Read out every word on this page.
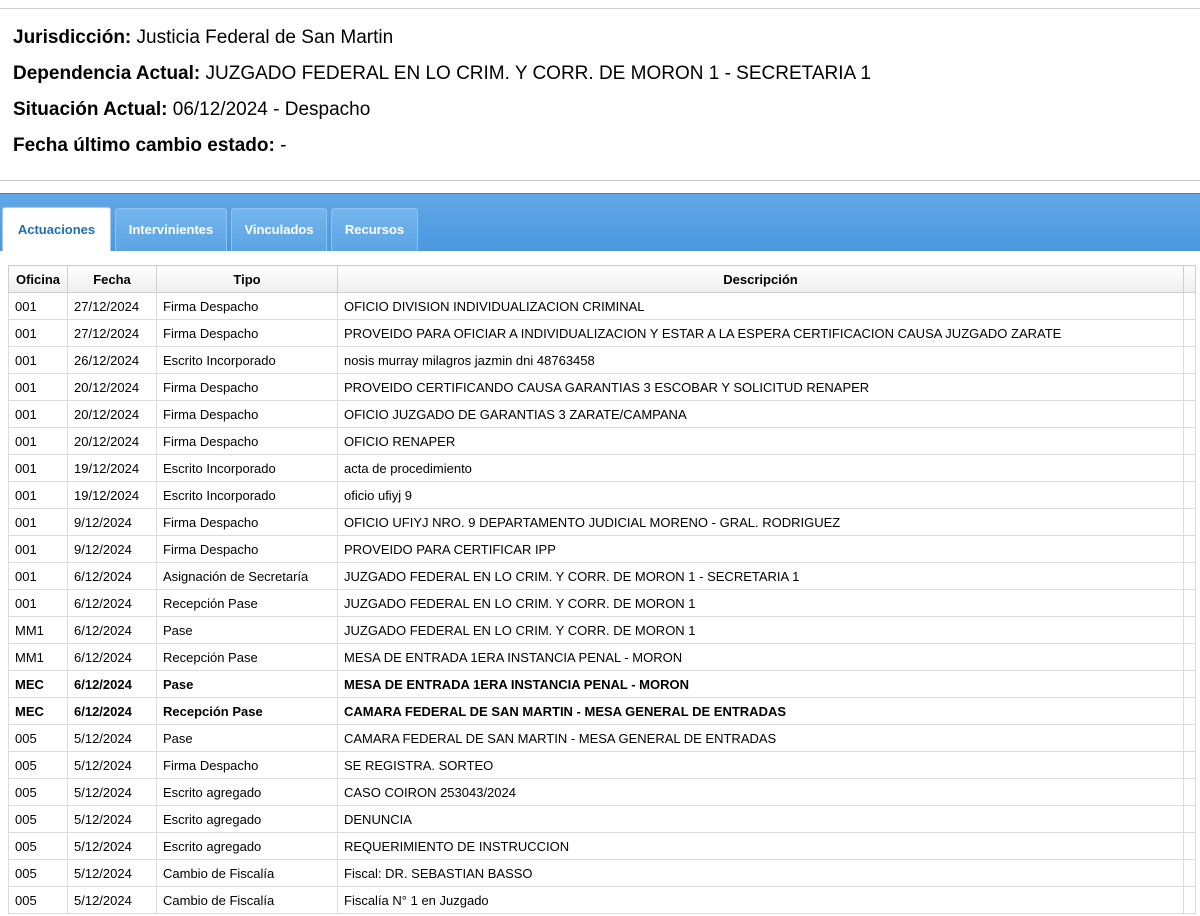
Jurisdicción: Justicia Federal de San Martin
Dependencia Actual: JUZGADO FEDERAL EN LO CRIM. Y CORR. DE MORON 1 - SECRETARIA 1
Situación Actual: 06/12/2024 - Despacho
Fecha último cambio estado: -
Actuaciones	Intervinientes	Vinculados	Recursos
Oficina	Fecha	Tipo	Descripción	
001	27/12/2024	Firma Despacho	OFICIO DIVISION INDIVIDUALIZACION CRIMINAL	
001	27/12/2024	Firma Despacho	PROVEIDO PARA OFICIAR A INDIVIDUALIZACION Y ESTAR A LA ESPERA CERTIFICACION CAUSA JUZGADO ZARATE	
001	26/12/2024	Escrito Incorporado	nosis murray milagros jazmin dni 48763458	
001	20/12/2024	Firma Despacho	PROVEIDO CERTIFICANDO CAUSA GARANTIAS 3 ESCOBAR Y SOLICITUD RENAPER	
001	20/12/2024	Firma Despacho	OFICIO JUZGADO DE GARANTIAS 3 ZARATE/CAMPANA	
001	20/12/2024	Firma Despacho	OFICIO RENAPER	
001	19/12/2024	Escrito Incorporado	acta de procedimiento	
001	19/12/2024	Escrito Incorporado	oficio ufiyj 9	
001	9/12/2024	Firma Despacho	OFICIO UFIYJ NRO. 9 DEPARTAMENTO JUDICIAL MORENO - GRAL. RODRIGUEZ	
001	9/12/2024	Firma Despacho	PROVEIDO PARA CERTIFICAR IPP	
001	6/12/2024	Asignación de Secretaría	JUZGADO FEDERAL EN LO CRIM. Y CORR. DE MORON 1 - SECRETARIA 1	
001	6/12/2024	Recepción Pase	JUZGADO FEDERAL EN LO CRIM. Y CORR. DE MORON 1	
MM1	6/12/2024	Pase	JUZGADO FEDERAL EN LO CRIM. Y CORR. DE MORON 1	
MM1	6/12/2024	Recepción Pase	MESA DE ENTRADA 1ERA INSTANCIA PENAL - MORON	
MEC	6/12/2024	Pase	MESA DE ENTRADA 1ERA INSTANCIA PENAL - MORON	
MEC	6/12/2024	Recepción Pase	CAMARA FEDERAL DE SAN MARTIN - MESA GENERAL DE ENTRADAS	
005	5/12/2024	Pase	CAMARA FEDERAL DE SAN MARTIN - MESA GENERAL DE ENTRADAS	
005	5/12/2024	Firma Despacho	SE REGISTRA. SORTEO	
005	5/12/2024	Escrito agregado	CASO COIRON 253043/2024	
005	5/12/2024	Escrito agregado	DENUNCIA	
005	5/12/2024	Escrito agregado	REQUERIMIENTO DE INSTRUCCION	
005	5/12/2024	Cambio de Fiscalía	Fiscal: DR. SEBASTIAN BASSO	
005	5/12/2024	Cambio de Fiscalía	Fiscalía N° 1 en Juzgado	
